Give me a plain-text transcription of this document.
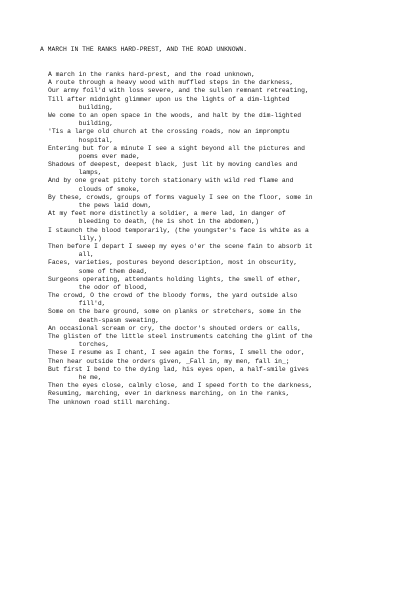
A MARCH IN THE RANKS HARD-PREST, AND THE ROAD UNKNOWN.
A march in the ranks hard-prest, and the road unknown,
A route through a heavy wood with muffled steps in the darkness,
Our army foil'd with loss severe, and the sullen remnant retreating,
Till after midnight glimmer upon us the lights of a dim-lighted
building,
We come to an open space in the woods, and halt by the dim-lighted
building,
'Tis a large old church at the crossing roads, now an impromptu
hospital,
Entering but for a minute I see a sight beyond all the pictures and
poems ever made,
Shadows of deepest, deepest black, just lit by moving candles and
lamps,
And by one great pitchy torch stationary with wild red flame and
clouds of smoke,
By these, crowds, groups of forms vaguely I see on the floor, some in
the pews laid down,
At my feet more distinctly a soldier, a mere lad, in danger of
bleeding to death, (he is shot in the abdomen,)
I staunch the blood temporarily, (the youngster's face is white as a
lily,)
Then before I depart I sweep my eyes o'er the scene fain to absorb it
all,
Faces, varieties, postures beyond description, most in obscurity,
some of them dead,
Surgeons operating, attendants holding lights, the smell of ether,
the odor of blood,
The crowd, O the crowd of the bloody forms, the yard outside also
fill'd,
Some on the bare ground, some on planks or stretchers, some in the
death-spasm sweating,
An occasional scream or cry, the doctor's shouted orders or calls,
The glisten of the little steel instruments catching the glint of the
torches,
These I resume as I chant, I see again the forms, I smell the odor,
Then hear outside the orders given, _Fall in, my men, fall in_;
But first I bend to the dying lad, his eyes open, a half-smile gives
he me,
Then the eyes close, calmly close, and I speed forth to the darkness,
Resuming, marching, ever in darkness marching, on in the ranks,
The unknown road still marching.
